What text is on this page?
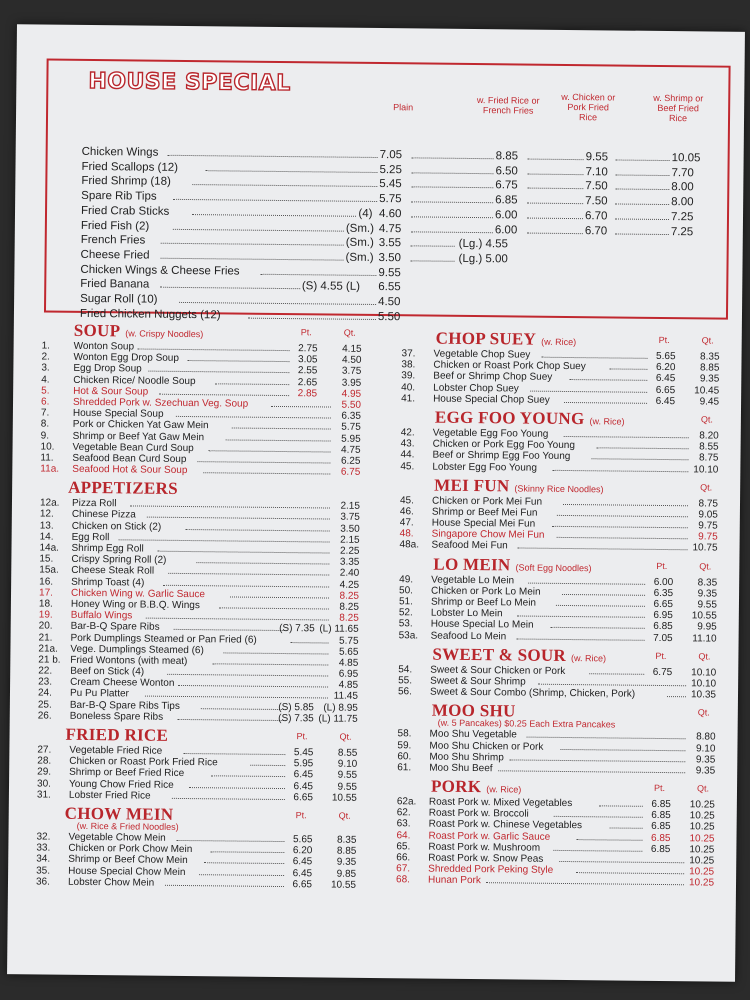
HOUSE SPECIAL
Plain
w. Fried Rice or French Fries
w. Chicken or Pork Fried Rice
w. Shrimp or Beef Fried Rice
Chicken Wings	7.05	8.85	9.55	10.05
Fried Scallops (12)	5.25	6.50	7.10	7.70
Fried Shrimp (18)	5.45	6.75	7.50	8.00
Spare Rib Tips	5.75	6.85	7.50	8.00
Fried Crab Sticks	(4) 4.60	6.00	6.70	7.25
Fried Fish (2)	(Sm.) 4.75	6.00	6.70	7.25
French Fries	(Sm.) 3.55	(Lg.) 4.55
Cheese Fried	(Sm.) 3.50	(Lg.) 5.00
Chicken Wings & Cheese Fries	9.55
Fried Banana	(S) 4.55 (L) 6.55
Sugar Roll (10)	4.50
Fried Chicken Nuggets (12)	5.50
SOUP (w. Crispy Noodles)	Pt.	Qt.
1. Wonton Soup	2.75 4.15
2. Wonton Egg Drop Soup	3.05 4.50
3. Egg Drop Soup	2.55 3.75
4. Chicken Rice/ Noodle Soup	2.65 3.95
5. Hot & Sour Soup	2.85 4.95
6. Shredded Pork w. Szechuan Veg. Soup	5.50
7. House Special Soup	6.35
8. Pork or Chicken Yat Gaw Mein	5.75
9. Shrimp or Beef Yat Gaw Mein	5.95
10. Vegetable Bean Curd Soup	4.75
11. Seafood Bean Curd Soup	6.25
11a. Seafood Hot & Sour Soup	6.75
APPETIZERS
12a. Pizza Roll	2.15
12. Chinese Pizza	3.75
13. Chicken on Stick (2)	3.50
14. Egg Roll	2.15
14a. Shrimp Egg Roll	2.25
15. Crispy Spring Roll (2)	3.35
15a. Cheese Steak Roll	2.40
16. Shrimp Toast (4)	4.25
17. Chicken Wing w. Garlic Sauce	8.25
18. Honey Wing or B.B.Q. Wings	8.25
19. Buffalo Wings	8.25
20. Bar-B-Q Spare Ribs	(S) 7.35 (L) 11.65
21. Pork Dumplings Steamed or Pan Fried (6)	5.75
21a. Vege. Dumplings Steamed (6)	5.65
21 b. Fried Wontons (with meat)	4.85
22. Beef on Stick (4)	6.95
23. Cream Cheese Wonton	4.85
24. Pu Pu Platter	11.45
25. Bar-B-Q Spare Ribs Tips	(S) 5.85 (L) 8.95
26. Boneless Spare Ribs	(S) 7.35 (L) 11.75
FRIED RICE	Pt.	Qt.
27. Vegetable Fried Rice	5.45 8.55
28. Chicken or Roast Pork Fried Rice	5.95 9.10
29. Shrimp or Beef Fried Rice	6.45 9.55
30. Young Chow Fried Rice	6.45 9.55
31. Lobster Fried Rice	6.65 10.55
CHOW MEIN
(w. Rice & Fried Noodles)
Pt.	Qt.
32. Vegetable Chow Mein	5.65 8.35
33. Chicken or Pork Chow Mein	6.20 8.85
34. Shrimp or Beef Chow Mein	6.45 9.35
35. House Special Chow Mein	6.45 9.85
36. Lobster Chow Mein	6.65 10.55
CHOP SUEY (w. Rice)	Pt.	Qt.
37. Vegetable Chop Suey	5.65 8.35
38. Chicken or Roast Pork Chop Suey	6.20 8.85
39. Beef or Shrimp Chop Suey	6.45 9.35
40. Lobster Chop Suey	6.65 10.45
41. House Special Chop Suey	6.45 9.45
EGG FOO YOUNG (w. Rice)	Qt.
42. Vegetable Egg Foo Young	8.20
43. Chicken or Pork Egg Foo Young	8.55
44. Beef or Shrimp Egg Foo Young	8.75
45. Lobster Egg Foo Young	10.10
MEI FUN (Skinny Rice Noodles)	Qt.
45. Chicken or Pork Mei Fun	8.75
46. Shrimp or Beef Mei Fun	9.05
47. House Special Mei Fun	9.75
48. Singapore Chow Mei Fun	9.75
48a. Seafood Mei Fun	10.75
LO MEIN (Soft Egg Noodles)	Pt.	Qt.
49. Vegetable Lo Mein	6.00 8.35
50. Chicken or Pork Lo Mein	6.35 9.35
51. Shrimp or Beef Lo Mein	6.65 9.55
52. Lobster Lo Mein	6.95 10.55
53. House Special Lo Mein	6.85 9.95
53a. Seafood Lo Mein	7.05 11.10
SWEET & SOUR (w. Rice)	Pt.	Qt.
54. Sweet & Sour Chicken or Pork	6.75 10.10
55. Sweet & Sour Shrimp	10.10
56. Sweet & Sour Combo (Shrimp, Chicken, Pork)	10.35
MOO SHU
(w. 5 Pancakes) $0.25 Each Extra Pancakes
Qt.
58. Moo Shu Vegetable	8.80
59. Moo Shu Chicken or Pork	9.10
60. Moo Shu Shrimp	9.35
61. Moo Shu Beef	9.35
PORK (w. Rice)	Pt.	Qt.
62a. Roast Pork w. Mixed Vegetables	6.85 10.25
62. Roast Pork w. Broccoli	6.85 10.25
63. Roast Pork w. Chinese Vegetables	6.85 10.25
64. Roast Pork w. Garlic Sauce	6.85 10.25
65. Roast Pork w. Mushroom	6.85 10.25
66. Roast Pork w. Snow Peas	10.25
67. Shredded Pork Peking Style	10.25
68. Hunan Pork	10.25
